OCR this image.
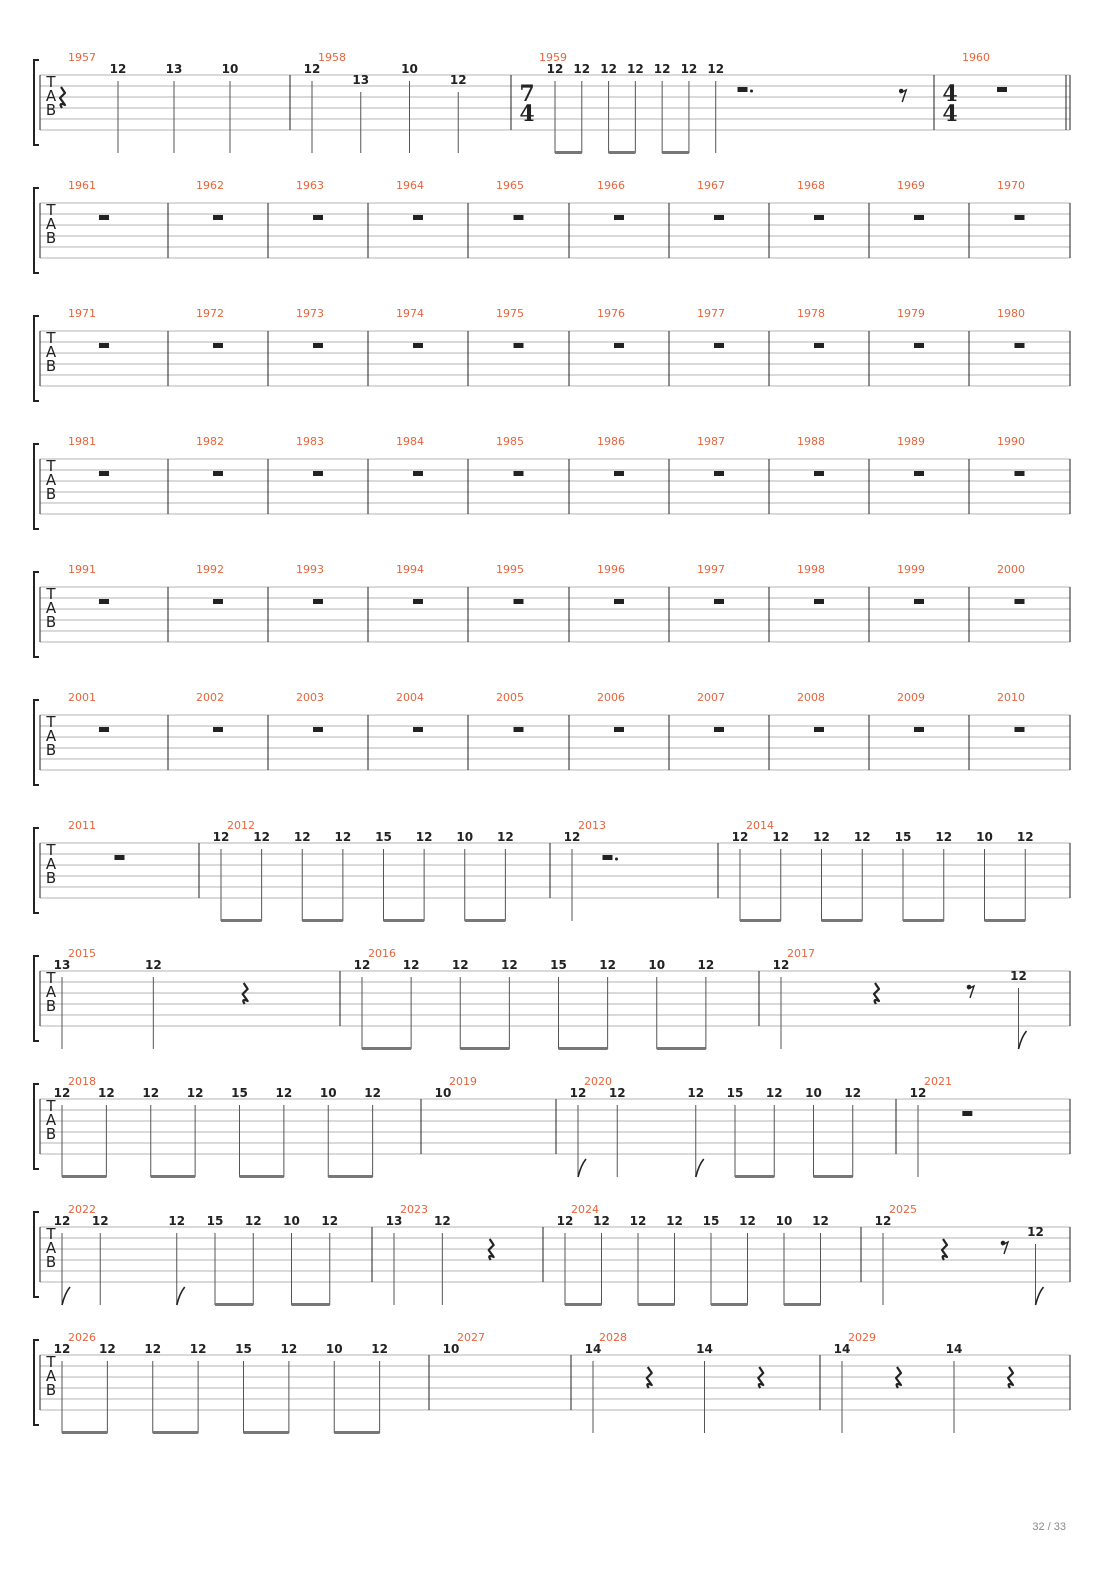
T
A
B
1957
12	13	10
1958
12
13
10
12
1959
7
4
12 12 12 12 12 12 12
1960
4
4
T
A
B
1961	1962	1963	1964	1965	1966	1967	1968	1969	1970
T
A
B
1971	1972	1973	1974	1975	1976	1977	1978	1979	1980
T
A
B
1981	1982	1983	1984	1985	1986	1987	1988	1989	1990
T
A
B
1991	1992	1993	1994	1995	1996	1997	1998	1999	2000
T
A
B
2001	2002	2003	2004	2005	2006	2007	2008	2009	2010
T
A
B
2011	2012
12 12 12 12 15 12 10 12
2013
12
2014
12 12 12 12 15 12 10 12
T
A
B
2015
13	12
2016
12	12	12	12	15	12	10	12
2017
12
12
T
A
B
2018
12 12 12 12 15 12 10 12
2019
10
2020
12 12	12 15 12 10 12
2021
12
T
A
B
2022
12 12	12 15 12 10 12
2023
13	12
2024
12 12 12 12 15 12 10 12
2025
12
12
T
A
B
2026
12 12 12 12 15 12 10 12
2027
10
2028
14	14
2029
14	14
32 / 33
